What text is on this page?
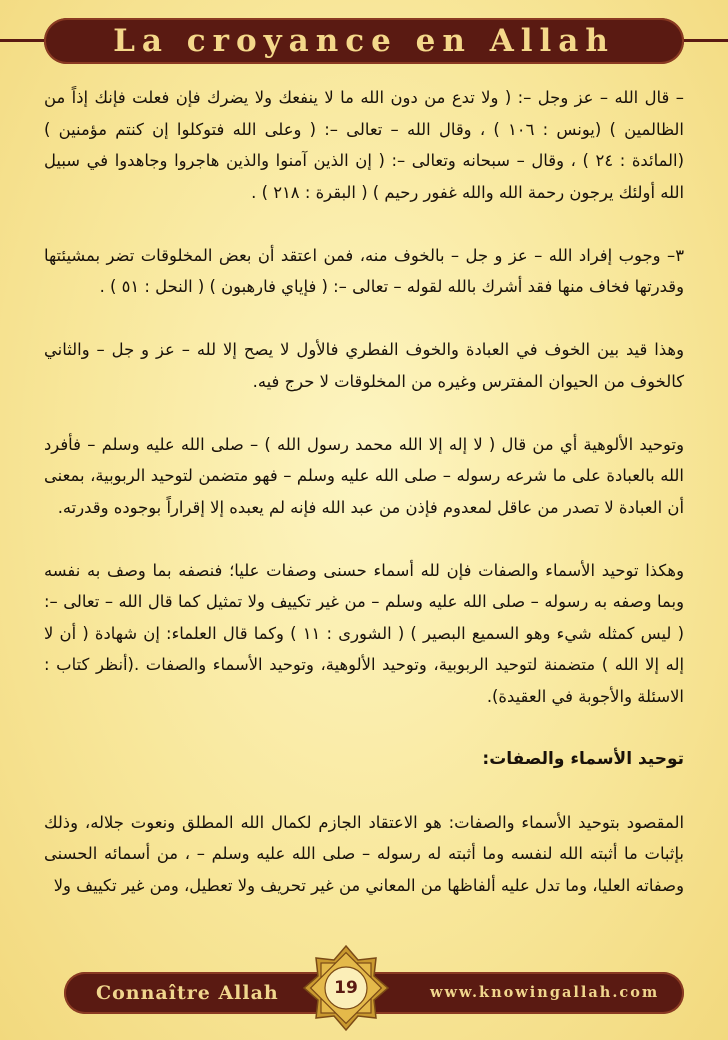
La croyance en Allah

– قال الله – عز وجل –: ( ولا تدع من دون الله ما لا ينفعك ولا يضرك فإن فعلت فإنك إذاً من الظالمين ) (يونس : ١٠٦ ) ، وقال الله – تعالى –: ( وعلى الله فتوكلوا إن كنتم مؤمنين ) (المائدة : ٢٤ ) ، وقال – سبحانه وتعالى –: ( إن الذين آمنوا والذين هاجروا وجاهدوا في سبيل الله أولئك يرجون رحمة الله والله غفور رحيم ) ( البقرة : ٢١٨ ) .

٣– وجوب إفراد الله – عز و جل – بالخوف منه، فمن اعتقد أن بعض المخلوقات تضر بمشيئتها وقدرتها فخاف منها فقد أشرك بالله لقوله – تعالى –: ( فإياي فارهبون ) ( النحل : ٥١ ) .

وهذا قيد بين الخوف في العبادة والخوف الفطري فالأول لا يصح إلا لله – عز و جل – والثاني كالخوف من الحيوان المفترس وغيره من المخلوقات لا حرج فيه.

وتوحيد الألوهية أي من قال ( لا إله إلا الله محمد رسول الله ) – صلى الله عليه وسلم – فأفرد الله بالعبادة على ما شرعه رسوله – صلى الله عليه وسلم – فهو متضمن لتوحيد الربوبية، بمعنى أن العبادة لا تصدر من عاقل لمعدوم فإذن من عبد الله فإنه لم يعبده إلا إقراراً بوجوده وقدرته.

وهكذا توحيد الأسماء والصفات فإن لله أسماء حسنى وصفات عليا؛ فنصفه بما وصف به نفسه وبما وصفه به رسوله – صلى الله عليه وسلم – من غير تكييف ولا تمثيل كما قال الله – تعالى –: ( ليس كمثله شيء وهو السميع البصير ) ( الشورى : ١١ ) وكما قال العلماء: إن شهادة ( أن لا إله إلا الله ) متضمنة لتوحيد الربوبية، وتوحيد الألوهية، وتوحيد الأسماء والصفات .(أنظر كتاب : الاسئلة والأجوبة في العقيدة).

توحيد الأسماء والصفات:

المقصود بتوحيد الأسماء والصفات: هو الاعتقاد الجازم لكمال الله المطلق ونعوت جلاله، وذلك بإثبات ما أثبته الله لنفسه وما أثبته له رسوله – صلى الله عليه وسلم – ، من أسمائه الحسنى وصفاته العليا، وما تدل عليه ألفاظها من المعاني من غير تحريف ولا تعطيل، ومن غير تكييف ولا

Connaître Allah	www.knowingallah.com
19
